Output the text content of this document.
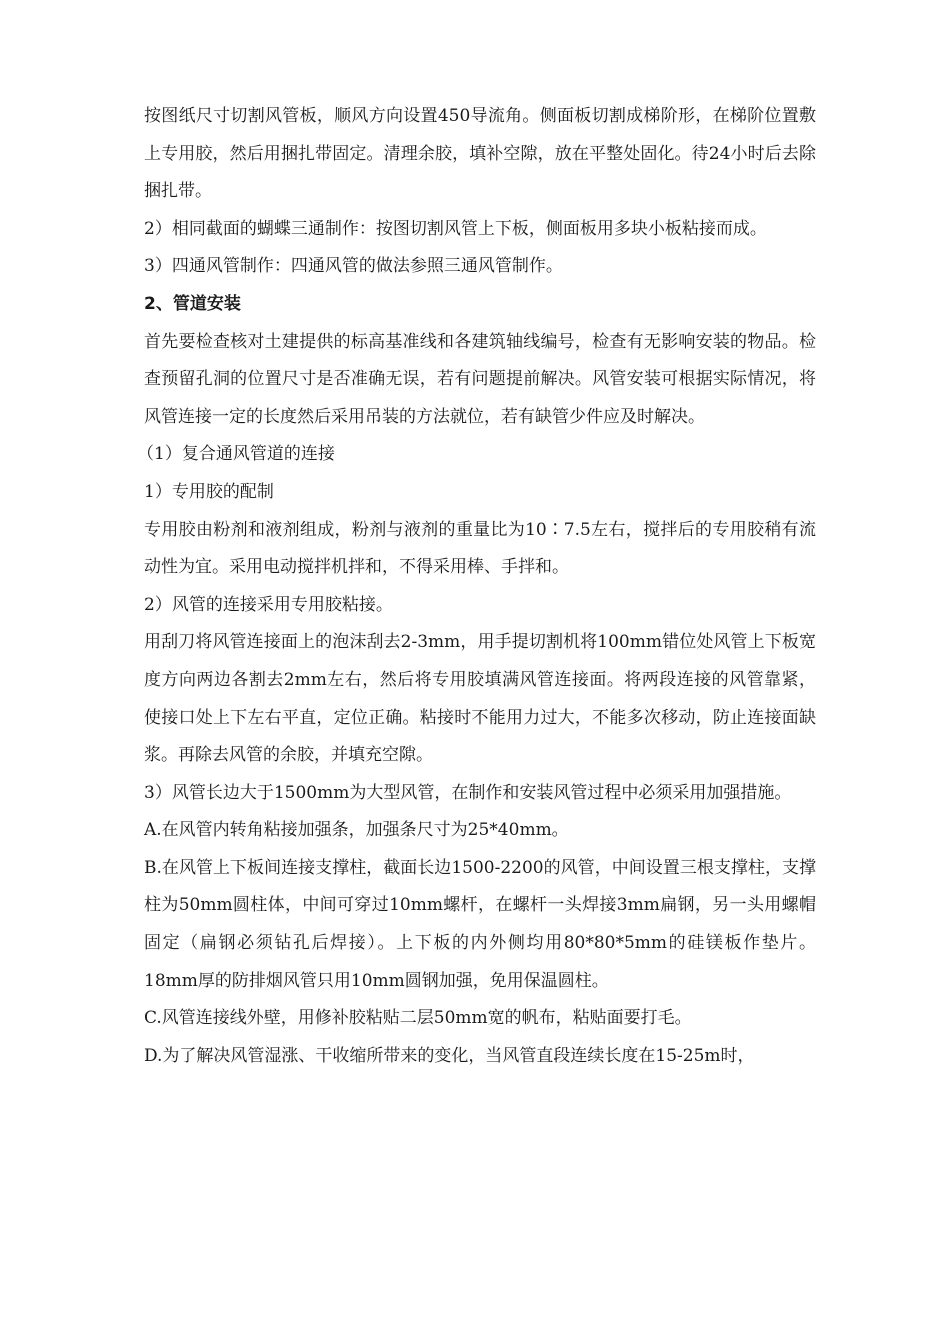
按图纸尺寸切割风管板，顺风方向设置450导流角。侧面板切割成梯阶形，在梯阶位置敷上专用胶，然后用捆扎带固定。清理余胶，填补空隙，放在平整处固化。待24小时后去除捆扎带。

2）相同截面的蝴蝶三通制作：按图切割风管上下板，侧面板用多块小板粘接而成。

3）四通风管制作：四通风管的做法参照三通风管制作。

2、管道安装

首先要检查核对土建提供的标高基准线和各建筑轴线编号，检查有无影响安装的物品。检查预留孔洞的位置尺寸是否准确无误，若有问题提前解决。风管安装可根据实际情况，将风管连接一定的长度然后采用吊装的方法就位，若有缺管少件应及时解决。

（1）复合通风管道的连接

1）专用胶的配制

专用胶由粉剂和液剂组成，粉剂与液剂的重量比为10∶7.5左右，搅拌后的专用胶稍有流动性为宜。采用电动搅拌机拌和，不得采用棒、手拌和。

2）风管的连接采用专用胶粘接。

用刮刀将风管连接面上的泡沫刮去2-3mm，用手提切割机将100mm错位处风管上下板宽度方向两边各割去2mm左右，然后将专用胶填满风管连接面。将两段连接的风管靠紧，使接口处上下左右平直，定位正确。粘接时不能用力过大，不能多次移动，防止连接面缺浆。再除去风管的余胶，并填充空隙。

3）风管长边大于1500mm为大型风管，在制作和安装风管过程中必须采用加强措施。

A.在风管内转角粘接加强条，加强条尺寸为25*40mm。

B.在风管上下板间连接支撑柱，截面长边1500-2200的风管，中间设置三根支撑柱，支撑柱为50mm圆柱体，中间可穿过10mm螺杆，在螺杆一头焊接3mm扁钢，另一头用螺帽固定（扁钢必须钻孔后焊接）。上下板的内外侧均用80*80*5mm的硅镁板作垫片。18mm厚的防排烟风管只用10mm圆钢加强，免用保温圆柱。

C.风管连接线外壁，用修补胶粘贴二层50mm宽的帆布，粘贴面要打毛。

D.为了解决风管湿涨、干收缩所带来的变化，当风管直段连续长度在15-25m时，
